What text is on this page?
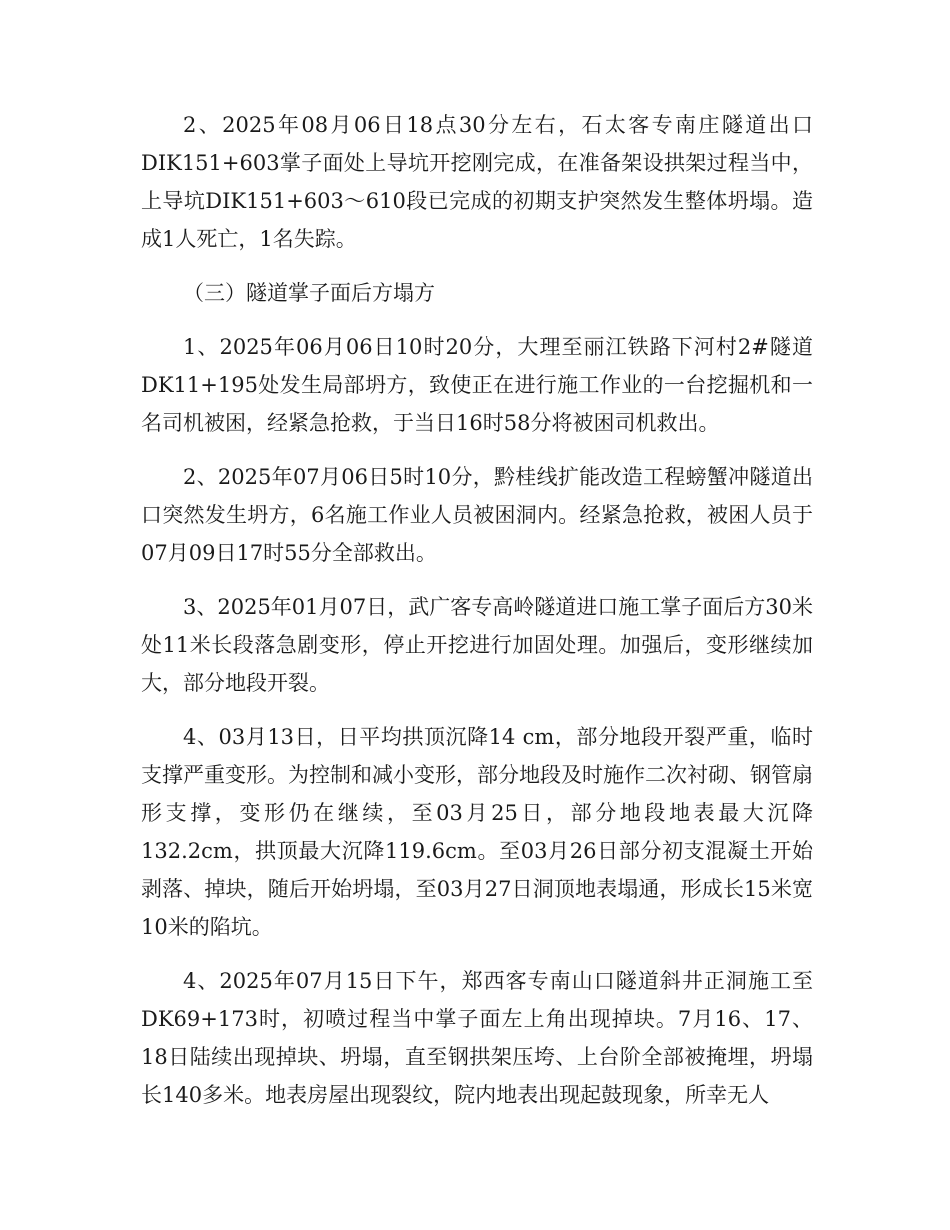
2、2025年08月06日18点30分左右，石太客专南庄隧道出口DIK151+603掌子面处上导坑开挖刚完成，在准备架设拱架过程当中，上导坑DIK151+603～610段已完成的初期支护突然发生整体坍塌。造成1人死亡，1名失踪。

（三）隧道掌子面后方塌方

1、2025年06月06日10时20分，大理至丽江铁路下河村2#隧道DK11+195处发生局部坍方，致使正在进行施工作业的一台挖掘机和一名司机被困，经紧急抢救，于当日16时58分将被困司机救出。

2、2025年07月06日5时10分，黔桂线扩能改造工程螃蟹冲隧道出口突然发生坍方，6名施工作业人员被困洞内。经紧急抢救，被困人员于07月09日17时55分全部救出。

3、2025年01月07日，武广客专高岭隧道进口施工掌子面后方30米处11米长段落急剧变形，停止开挖进行加固处理。加强后，变形继续加大，部分地段开裂。

4、03月13日，日平均拱顶沉降14 cm，部分地段开裂严重，临时支撑严重变形。为控制和减小变形，部分地段及时施作二次衬砌、钢管扇形支撑，变形仍在继续，至03月25日，部分地段地表最大沉降132.2cm，拱顶最大沉降119.6cm。至03月26日部分初支混凝土开始剥落、掉块，随后开始坍塌，至03月27日洞顶地表塌通，形成长15米宽10米的陷坑。

4、2025年07月15日下午，郑西客专南山口隧道斜井正洞施工至DK69+173时，初喷过程当中掌子面左上角出现掉块。7月16、17、18日陆续出现掉块、坍塌，直至钢拱架压垮、上台阶全部被掩埋，坍塌长140多米。地表房屋出现裂纹，院内地表出现起鼓现象，所幸无人
